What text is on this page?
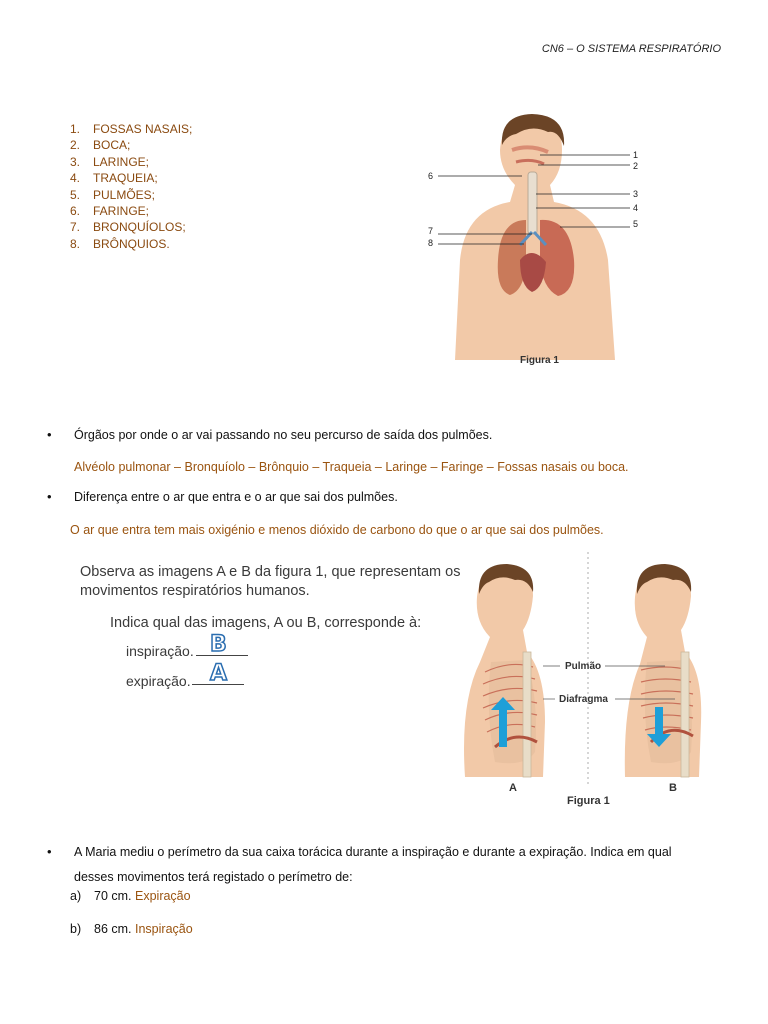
CN6 – O SISTEMA RESPIRATÓRIO
1. FOSSAS NASAIS;
2. BOCA;
3. LARINGE;
4. TRAQUEIA;
5. PULMÕES;
6. FARINGE;
7. BRONQUÍOLOS;
8. BRÔNQUIOS.
1
2
6
3
4
5
7
8
Figura 1
• Órgãos por onde o ar vai passando no seu percurso de saída dos pulmões.
Alvéolo pulmonar – Bronquíolo – Brônquio – Traqueia – Laringe – Faringe – Fossas nasais ou boca.
• Diferença entre o ar que entra e o ar que sai dos pulmões.
O ar que entra tem mais oxigénio e menos dióxido de carbono do que o ar que sai dos pulmões.
Observa as imagens A e B da figura 1, que representam os
movimentos respiratórios humanos.
Indica qual das imagens, A ou B, corresponde à:
inspiração. B
expiração. A	Pulmão
Diafragma
A	B
Figura 1
• A Maria mediu o perímetro da sua caixa torácica durante a inspiração e durante a expiração. Indica em qual
desses movimentos terá registado o perímetro de:
a) 70 cm. Expiração
b) 86 cm. Inspiração
